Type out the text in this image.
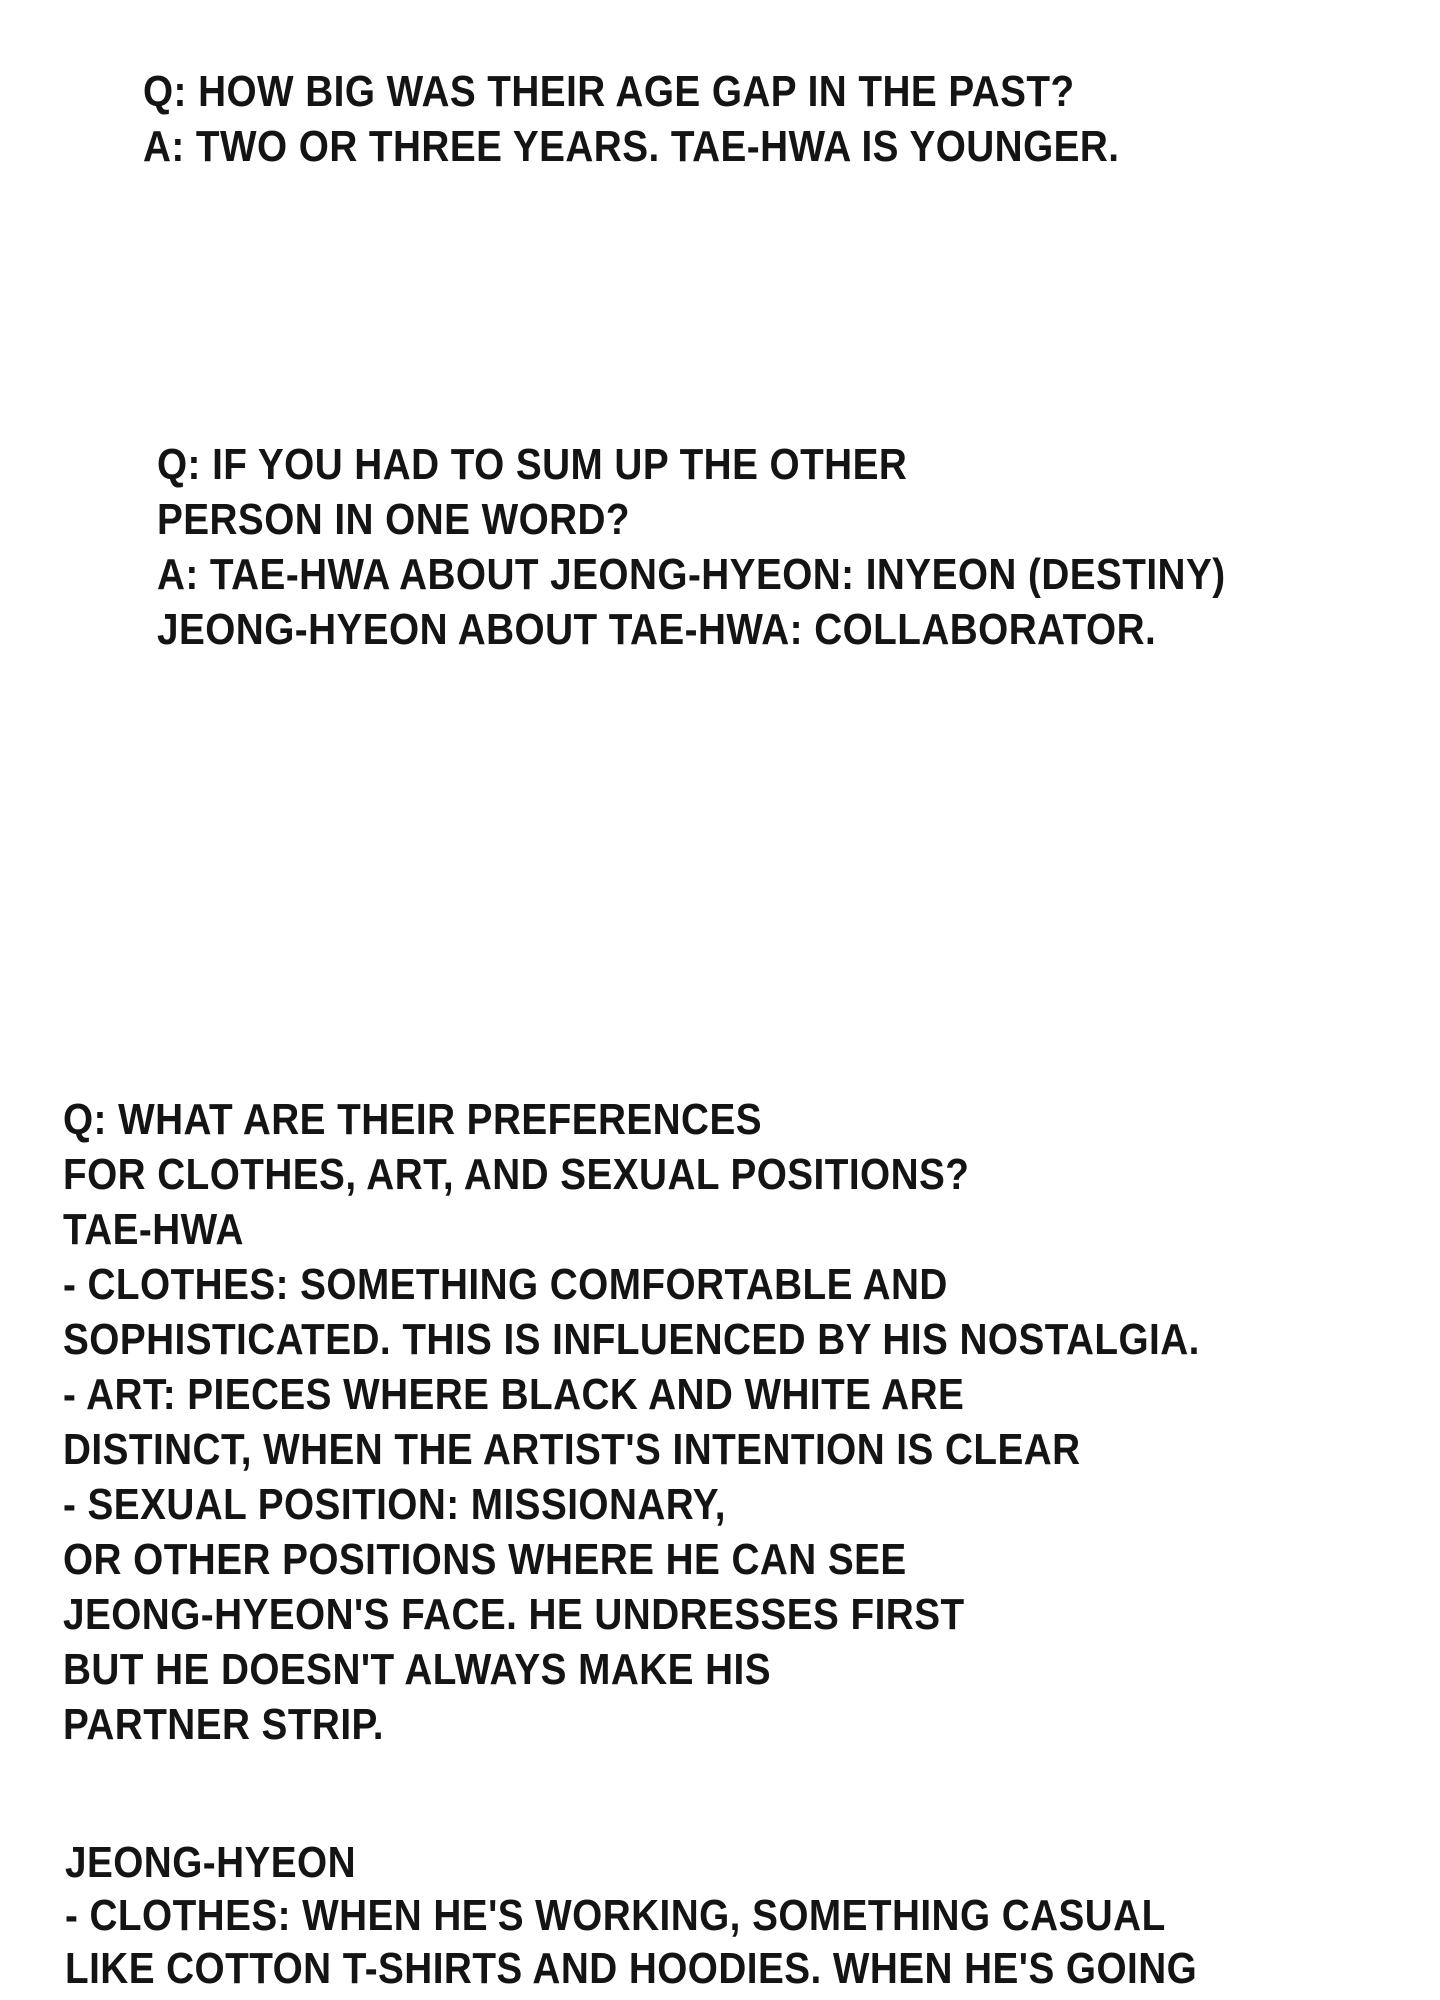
Q: HOW BIG WAS THEIR AGE GAP IN THE PAST?
A: TWO OR THREE YEARS. TAE-HWA IS YOUNGER.
Q: IF YOU HAD TO SUM UP THE OTHER
PERSON IN ONE WORD?
A: TAE-HWA ABOUT JEONG-HYEON: INYEON (DESTINY)
JEONG-HYEON ABOUT TAE-HWA: COLLABORATOR.
Q: WHAT ARE THEIR PREFERENCES
FOR CLOTHES, ART, AND SEXUAL POSITIONS?
TAE-HWA
- CLOTHES: SOMETHING COMFORTABLE AND
SOPHISTICATED. THIS IS INFLUENCED BY HIS NOSTALGIA.
- ART: PIECES WHERE BLACK AND WHITE ARE
DISTINCT, WHEN THE ARTIST'S INTENTION IS CLEAR
- SEXUAL POSITION: MISSIONARY,
OR OTHER POSITIONS WHERE HE CAN SEE
JEONG-HYEON'S FACE. HE UNDRESSES FIRST
BUT HE DOESN'T ALWAYS MAKE HIS
PARTNER STRIP.
JEONG-HYEON
- CLOTHES: WHEN HE'S WORKING, SOMETHING CASUAL
LIKE COTTON T-SHIRTS AND HOODIES. WHEN HE'S GOING
